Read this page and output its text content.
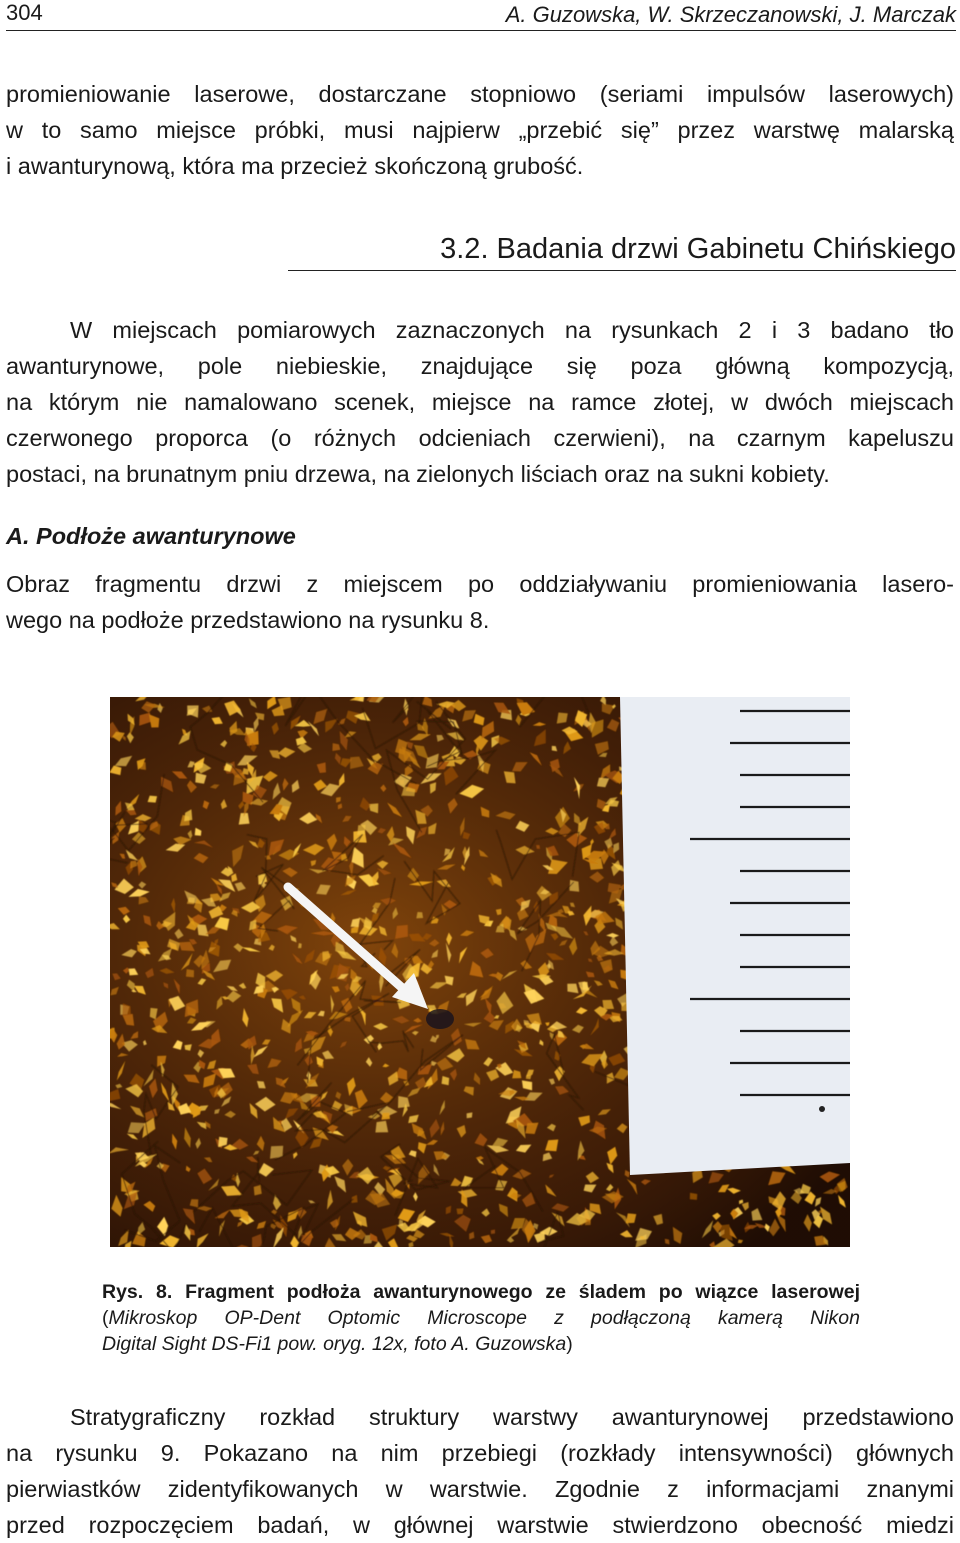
304	A. Guzowska, W. Skrzeczanowski, J. Marczak
promieniowanie laserowe, dostarczane stopniowo (seriami impulsów laserowych)
w to samo miejsce próbki, musi najpierw „przebić się” przez warstwę malarską
i awanturynową, która ma przecież skończoną grubość.
3.2. Badania drzwi Gabinetu Chińskiego
W miejscach pomiarowych zaznaczonych na rysunkach 2 i 3 badano tło
awanturynowe, pole niebieskie, znajdujące się poza główną kompozycją,
na którym nie namalowano scenek, miejsce na ramce złotej, w dwóch miejscach
czerwonego proporca (o różnych odcieniach czerwieni), na czarnym kapeluszu
postaci, na brunatnym pniu drzewa, na zielonych liściach oraz na sukni kobiety.
A. Podłoże awanturynowe
Obraz fragmentu drzwi z miejscem po oddziaływaniu promieniowania lasero-
wego na podłoże przedstawiono na rysunku 8.
Rys. 8. Fragment podłoża awanturynowego ze śladem po wiązce laserowej
(Mikroskop OP-Dent Optomic Microscope z podłączoną kamerą Nikon
Digital Sight DS-Fi1 pow. oryg. 12x, foto A. Guzowska)
Stratygraficzny rozkład struktury warstwy awanturynowej przedstawiono
na rysunku 9. Pokazano na nim przebiegi (rozkłady intensywności) głównych
pierwiastków zidentyfikowanych w warstwie. Zgodnie z informacjami znanymi
przed rozpoczęciem badań, w głównej warstwie stwierdzono obecność miedzi
